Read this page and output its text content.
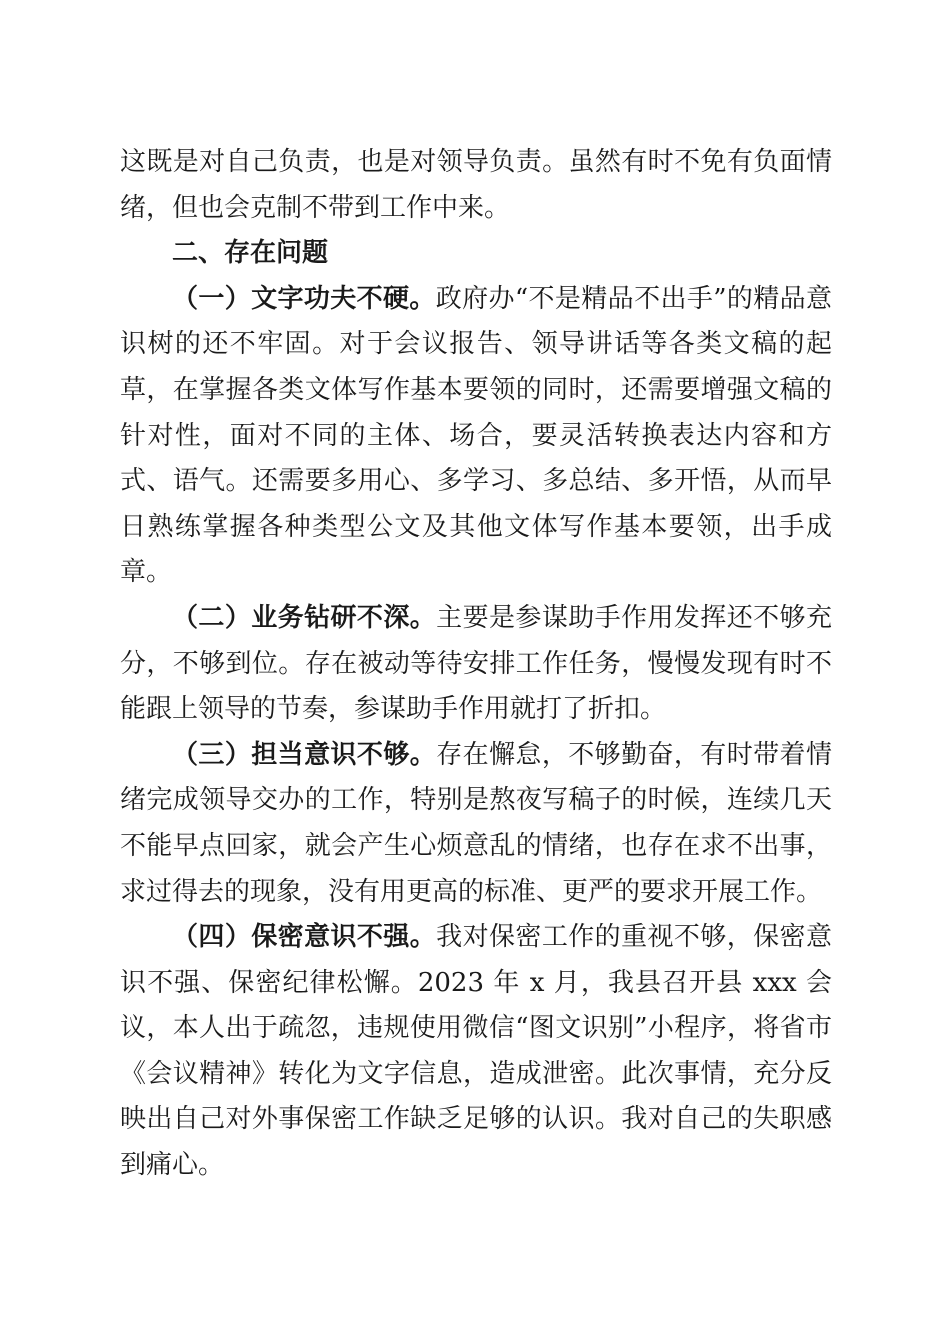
这既是对自己负责，也是对领导负责。虽然有时不免有负面情绪，但也会克制不带到工作中来。

二、存在问题

（一）文字功夫不硬。政府办“不是精品不出手”的精品意识树的还不牢固。对于会议报告、领导讲话等各类文稿的起草，在掌握各类文体写作基本要领的同时，还需要增强文稿的针对性，面对不同的主体、场合，要灵活转换表达内容和方式、语气。还需要多用心、多学习、多总结、多开悟，从而早日熟练掌握各种类型公文及其他文体写作基本要领，出手成章。

（二）业务钻研不深。主要是参谋助手作用发挥还不够充分，不够到位。存在被动等待安排工作任务，慢慢发现有时不能跟上领导的节奏，参谋助手作用就打了折扣。

（三）担当意识不够。存在懈怠，不够勤奋，有时带着情绪完成领导交办的工作，特别是熬夜写稿子的时候，连续几天不能早点回家，就会产生心烦意乱的情绪，也存在求不出事，求过得去的现象，没有用更高的标准、更严的要求开展工作。

（四）保密意识不强。我对保密工作的重视不够，保密意识不强、保密纪律松懈。2023 年 x 月，我县召开县 xxx 会议，本人出于疏忽，违规使用微信“图文识别”小程序，将省市《会议精神》转化为文字信息，造成泄密。此次事情，充分反映出自己对外事保密工作缺乏足够的认识。我对自己的失职感到痛心。
